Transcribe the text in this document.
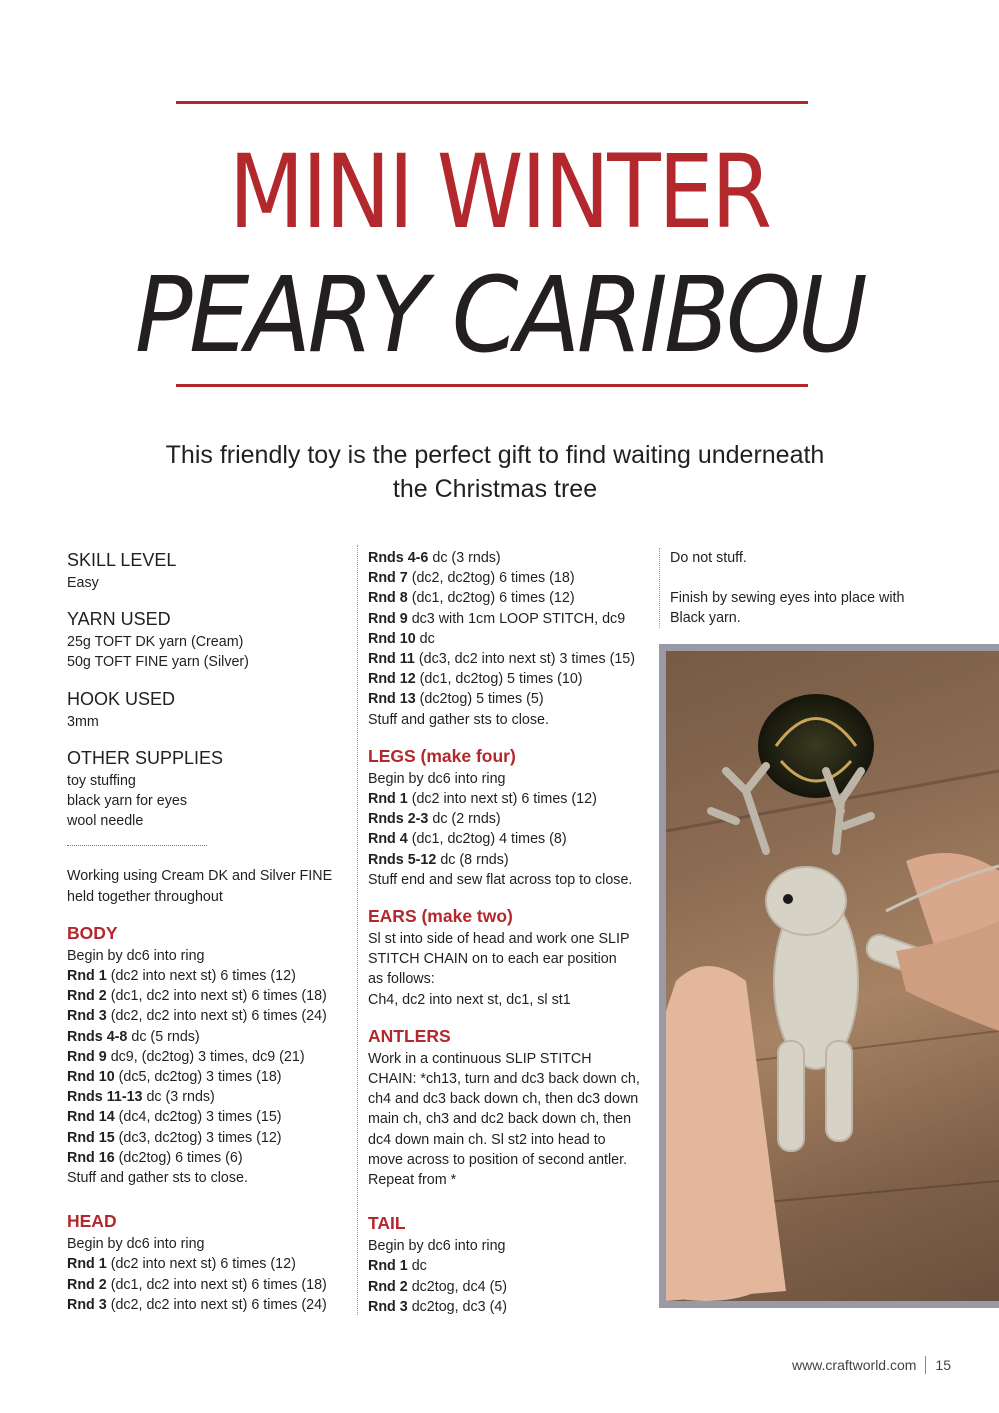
MINI WINTER
PEARY CARIBOU
This friendly toy is the perfect gift to find waiting underneath the Christmas tree
SKILL LEVEL
Easy
YARN USED
25g TOFT DK yarn (Cream)
50g TOFT FINE yarn (Silver)
HOOK USED
3mm
OTHER SUPPLIES
toy stuffing
black yarn for eyes
wool needle
Working using Cream DK and Silver FINE
held together throughout
BODY
Begin by dc6 into ring
Rnd 1 (dc2 into next st) 6 times (12)
Rnd 2 (dc1, dc2 into next st) 6 times (18)
Rnd 3 (dc2, dc2 into next st) 6 times (24)
Rnds 4-8 dc (5 rnds)
Rnd 9 dc9, (dc2tog) 3 times, dc9 (21)
Rnd 10 (dc5, dc2tog) 3 times (18)
Rnds 11-13 dc (3 rnds)
Rnd 14 (dc4, dc2tog) 3 times (15)
Rnd 15 (dc3, dc2tog) 3 times (12)
Rnd 16 (dc2tog) 6 times (6)
Stuff and gather sts to close.
HEAD
Begin by dc6 into ring
Rnd 1 (dc2 into next st) 6 times (12)
Rnd 2 (dc1, dc2 into next st) 6 times (18)
Rnd 3 (dc2, dc2 into next st) 6 times (24)
Rnds 4-6 dc (3 rnds)
Rnd 7 (dc2, dc2tog) 6 times (18)
Rnd 8 (dc1, dc2tog) 6 times (12)
Rnd 9 dc3 with 1cm LOOP STITCH, dc9
Rnd 10 dc
Rnd 11 (dc3, dc2 into next st) 3 times (15)
Rnd 12 (dc1, dc2tog) 5 times (10)
Rnd 13 (dc2tog) 5 times (5)
Stuff and gather sts to close.
LEGS (make four)
Begin by dc6 into ring
Rnd 1 (dc2 into next st) 6 times (12)
Rnds 2-3 dc (2 rnds)
Rnd 4 (dc1, dc2tog) 4 times (8)
Rnds 5-12 dc (8 rnds)
Stuff end and sew flat across top to close.
EARS (make two)
Sl st into side of head and work one SLIP
STITCH CHAIN on to each ear position
as follows:
Ch4, dc2 into next st, dc1, sl st1
ANTLERS
Work in a continuous SLIP STITCH
CHAIN: *ch13, turn and dc3 back down ch,
ch4 and dc3 back down ch, then dc3 down
main ch, ch3 and dc2 back down ch, then
dc4 down main ch. Sl st2 into head to
move across to position of second antler.
Repeat from *
TAIL
Begin by dc6 into ring
Rnd 1 dc
Rnd 2 dc2tog, dc4 (5)
Rnd 3 dc2tog, dc3 (4)
Do not stuff.
Finish by sewing eyes into place with
Black yarn.
www.craftworld.com 15
